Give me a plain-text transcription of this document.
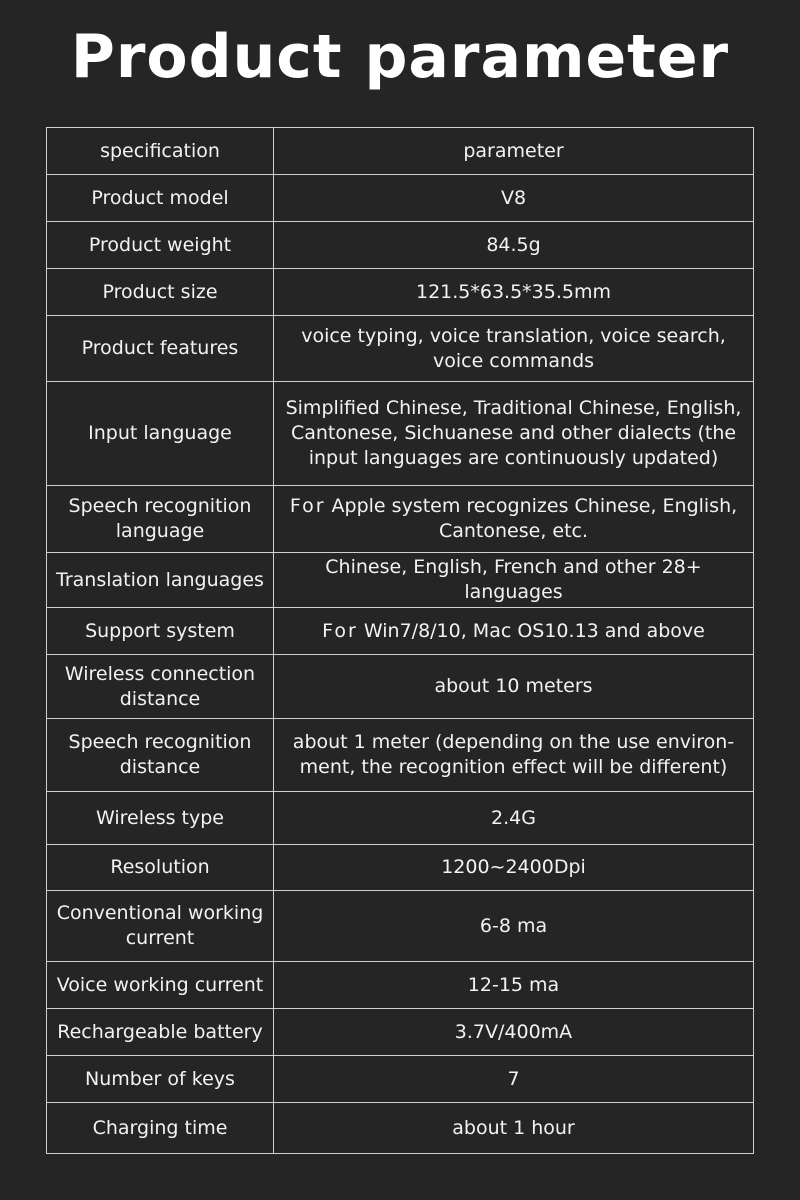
Product parameter
specification	parameter
Product model	V8
Product weight	84.5g
Product size	121.5*63.5*35.5mm
Product features	voice typing, voice translation, voice search, voice commands
Input language	Simplified Chinese, Traditional Chinese, English, Cantonese, Sichuanese and other dialects (the input languages are continuously updated)
Speech recognition language	For Apple system recognizes Chinese, English, Cantonese, etc.
Translation languages	Chinese, English, French and other 28+ languages
Support system	For Win7/8/10, Mac OS10.13 and above
Wireless connection distance	about 10 meters
Speech recognition distance	about 1 meter (depending on the use environ-ment, the recognition effect will be different)
Wireless type	2.4G
Resolution	1200~2400Dpi
Conventional working current	6-8 ma
Voice working current	12-15 ma
Rechargeable battery	3.7V/400mA
Number of keys	7
Charging time	about 1 hour
